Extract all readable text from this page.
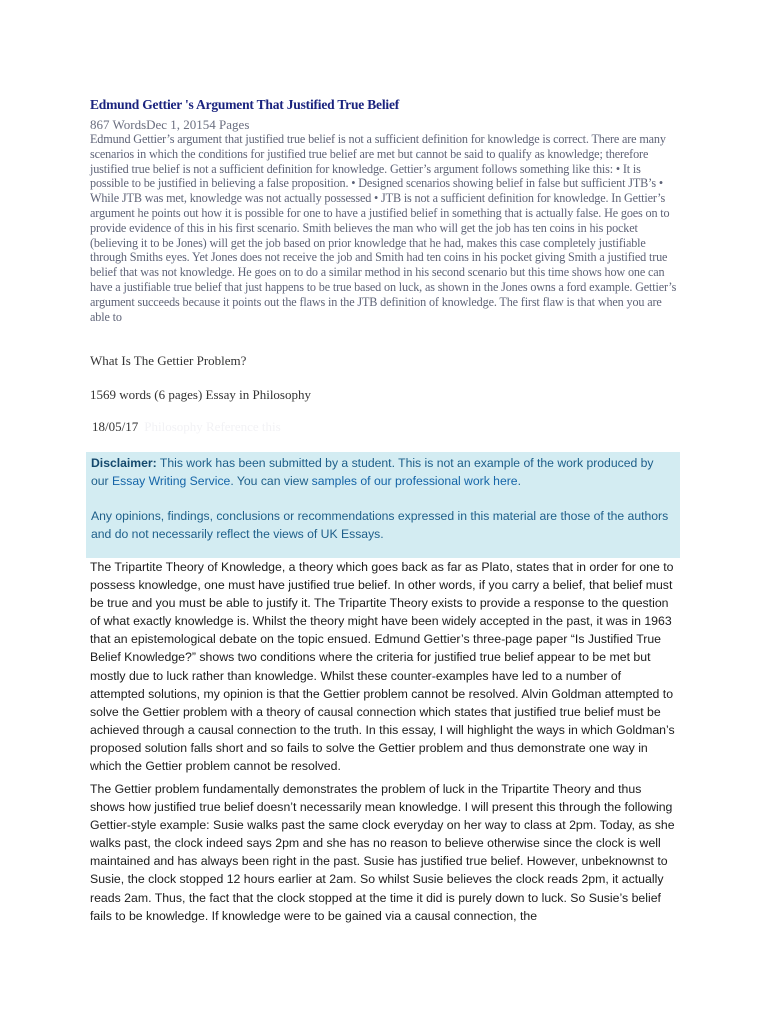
Edmund Gettier 's Argument That Justified True Belief

867 WordsDec 1, 20154 Pages

Edmund Gettier’s argument that justified true belief is not a sufficient definition for knowledge is correct. There are many scenarios in which the conditions for justified true belief are met but cannot be said to qualify as knowledge; therefore justified true belief is not a sufficient definition for knowledge. Gettier’s argument follows something like this: • It is possible to be justified in believing a false proposition. • Designed scenarios showing belief in false but sufficient JTB’s • While JTB was met, knowledge was not actually possessed • JTB is not a sufficient definition for knowledge. In Gettier’s argument he points out how it is possible for one to have a justified belief in something that is actually false. He goes on to provide evidence of this in his first scenario. Smith believes the man who will get the job has ten coins in his pocket (believing it to be Jones) will get the job based on prior knowledge that he had, makes this case completely justifiable through Smiths eyes. Yet Jones does not receive the job and Smith had ten coins in his pocket giving Smith a justified true belief that was not knowledge. He goes on to do a similar method in his second scenario but this time shows how one can have a justifiable true belief that just happens to be true based on luck, as shown in the Jones owns a ford example. Gettier’s argument succeeds because it points out the flaws in the JTB definition of knowledge. The first flaw is that when you are able to

What Is The Gettier Problem?

1569 words (6 pages) Essay in Philosophy

18/05/17 Philosophy Reference this

Disclaimer: This work has been submitted by a student. This is not an example of the work produced by our Essay Writing Service. You can view samples of our professional work here.

Any opinions, findings, conclusions or recommendations expressed in this material are those of the authors and do not necessarily reflect the views of UK Essays.

The Tripartite Theory of Knowledge, a theory which goes back as far as Plato, states that in order for one to possess knowledge, one must have justified true belief. In other words, if you carry a belief, that belief must be true and you must be able to justify it. The Tripartite Theory exists to provide a response to the question of what exactly knowledge is. Whilst the theory might have been widely accepted in the past, it was in 1963 that an epistemological debate on the topic ensued. Edmund Gettier’s three-page paper “Is Justified True Belief Knowledge?” shows two conditions where the criteria for justified true belief appear to be met but mostly due to luck rather than knowledge. Whilst these counter-examples have led to a number of attempted solutions, my opinion is that the Gettier problem cannot be resolved. Alvin Goldman attempted to solve the Gettier problem with a theory of causal connection which states that justified true belief must be achieved through a causal connection to the truth. In this essay, I will highlight the ways in which Goldman’s proposed solution falls short and so fails to solve the Gettier problem and thus demonstrate one way in which the Gettier problem cannot be resolved.

The Gettier problem fundamentally demonstrates the problem of luck in the Tripartite Theory and thus shows how justified true belief doesn’t necessarily mean knowledge. I will present this through the following Gettier-style example: Susie walks past the same clock everyday on her way to class at 2pm. Today, as she walks past, the clock indeed says 2pm and she has no reason to believe otherwise since the clock is well maintained and has always been right in the past. Susie has justified true belief. However, unbeknownst to Susie, the clock stopped 12 hours earlier at 2am. So whilst Susie believes the clock reads 2pm, it actually reads 2am. Thus, the fact that the clock stopped at the time it did is purely down to luck. So Susie’s belief fails to be knowledge. If knowledge were to be gained via a causal connection, the
